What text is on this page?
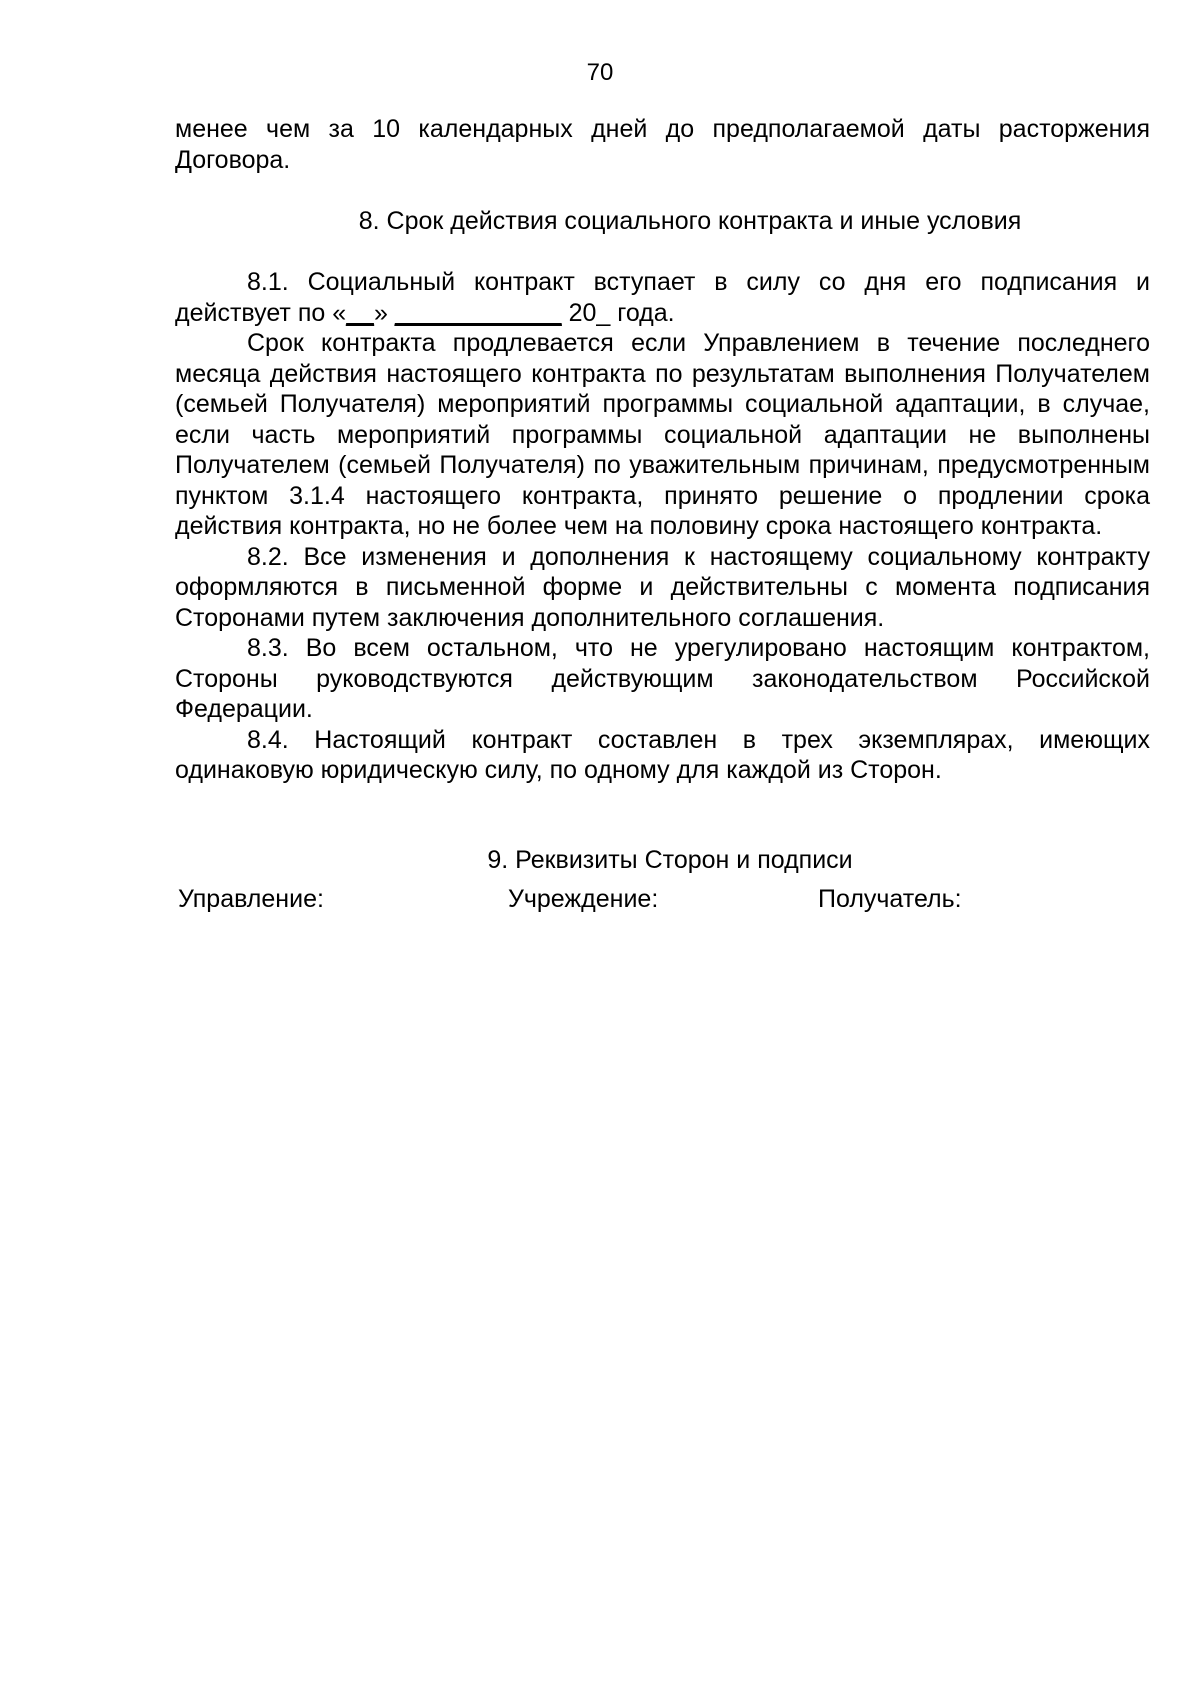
70

менее чем за 10 календарных дней до предполагаемой даты расторжения Договора.

8. Срок действия социального контракта и иные условия

8.1. Социальный контракт вступает в силу со дня его подписания и действует по «__» ____________ 20_ года.

Срок контракта продлевается если Управлением в течение последнего месяца действия настоящего контракта по результатам выполнения Получателем (семьей Получателя) мероприятий программы социальной адаптации, в случае, если часть мероприятий программы социальной адаптации не выполнены Получателем (семьей Получателя) по уважительным причинам, предусмотренным пунктом 3.1.4 настоящего контракта, принято решение о продлении срока действия контракта, но не более чем на половину срока настоящего контракта.

8.2. Все изменения и дополнения к настоящему социальному контракту оформляются в письменной форме и действительны с момента подписания Сторонами путем заключения дополнительного соглашения.

8.3. Во всем остальном, что не урегулировано настоящим контрактом, Стороны руководствуются действующим законодательством Российской Федерации.

8.4. Настоящий контракт составлен в трех экземплярах, имеющих одинаковую юридическую силу, по одному для каждой из Сторон.

9. Реквизиты Сторон и подписи

Управление:	Учреждение:	Получатель:
